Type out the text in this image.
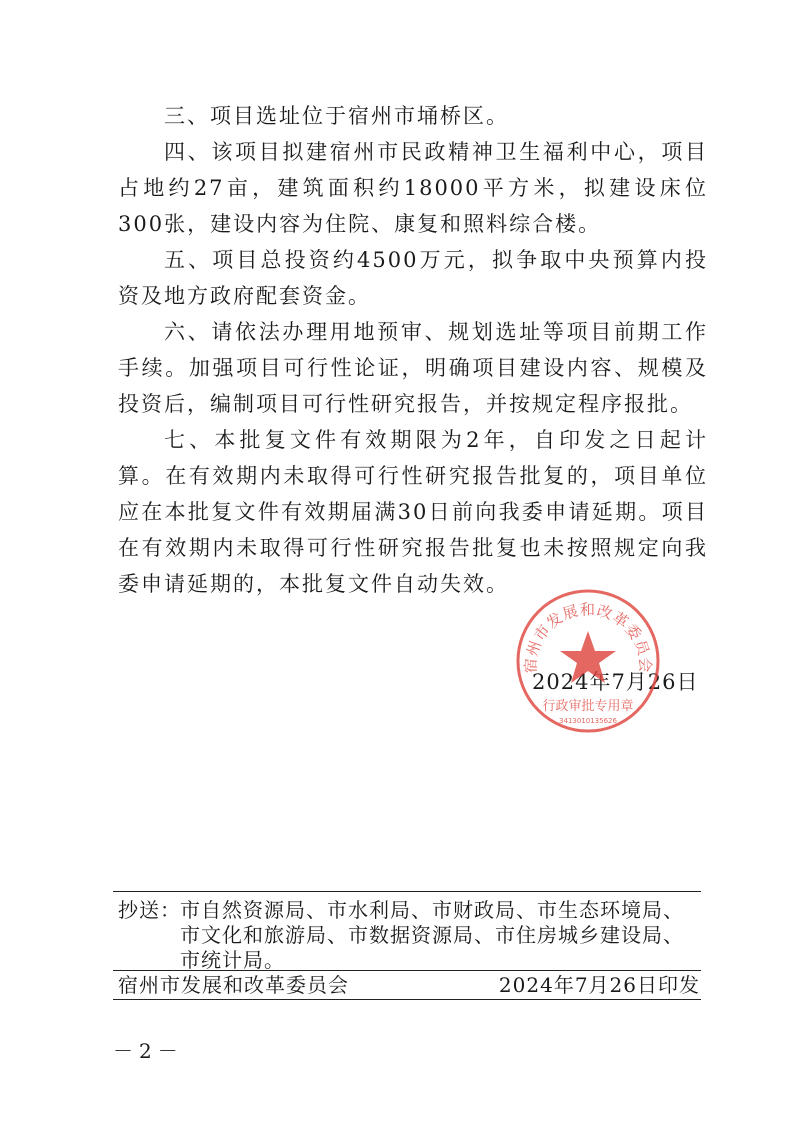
三、项目选址位于宿州市埇桥区。

四、该项目拟建宿州市民政精神卫生福利中心，项目占地约27亩，建筑面积约18000平方米，拟建设床位300张，建设内容为住院、康复和照料综合楼。

五、项目总投资约4500万元，拟争取中央预算内投资及地方政府配套资金。

六、请依法办理用地预审、规划选址等项目前期工作手续。加强项目可行性论证，明确项目建设内容、规模及投资后，编制项目可行性研究报告，并按规定程序报批。

七、本批复文件有效期限为2年，自印发之日起计算。在有效期内未取得可行性研究报告批复的，项目单位应在本批复文件有效期届满30日前向我委申请延期。项目在有效期内未取得可行性研究报告批复也未按照规定向我委申请延期的，本批复文件自动失效。

2024年7月26日
宿州市发展和改革委员会
行政审批专用章
3413010135626
抄送： 市自然资源局、市水利局、市财政局、市生态环境局、市文化和旅游局、市数据资源局、市住房城乡建设局、市统计局。
宿州市发展和改革委员会	2024年7月26日印发
－2－
